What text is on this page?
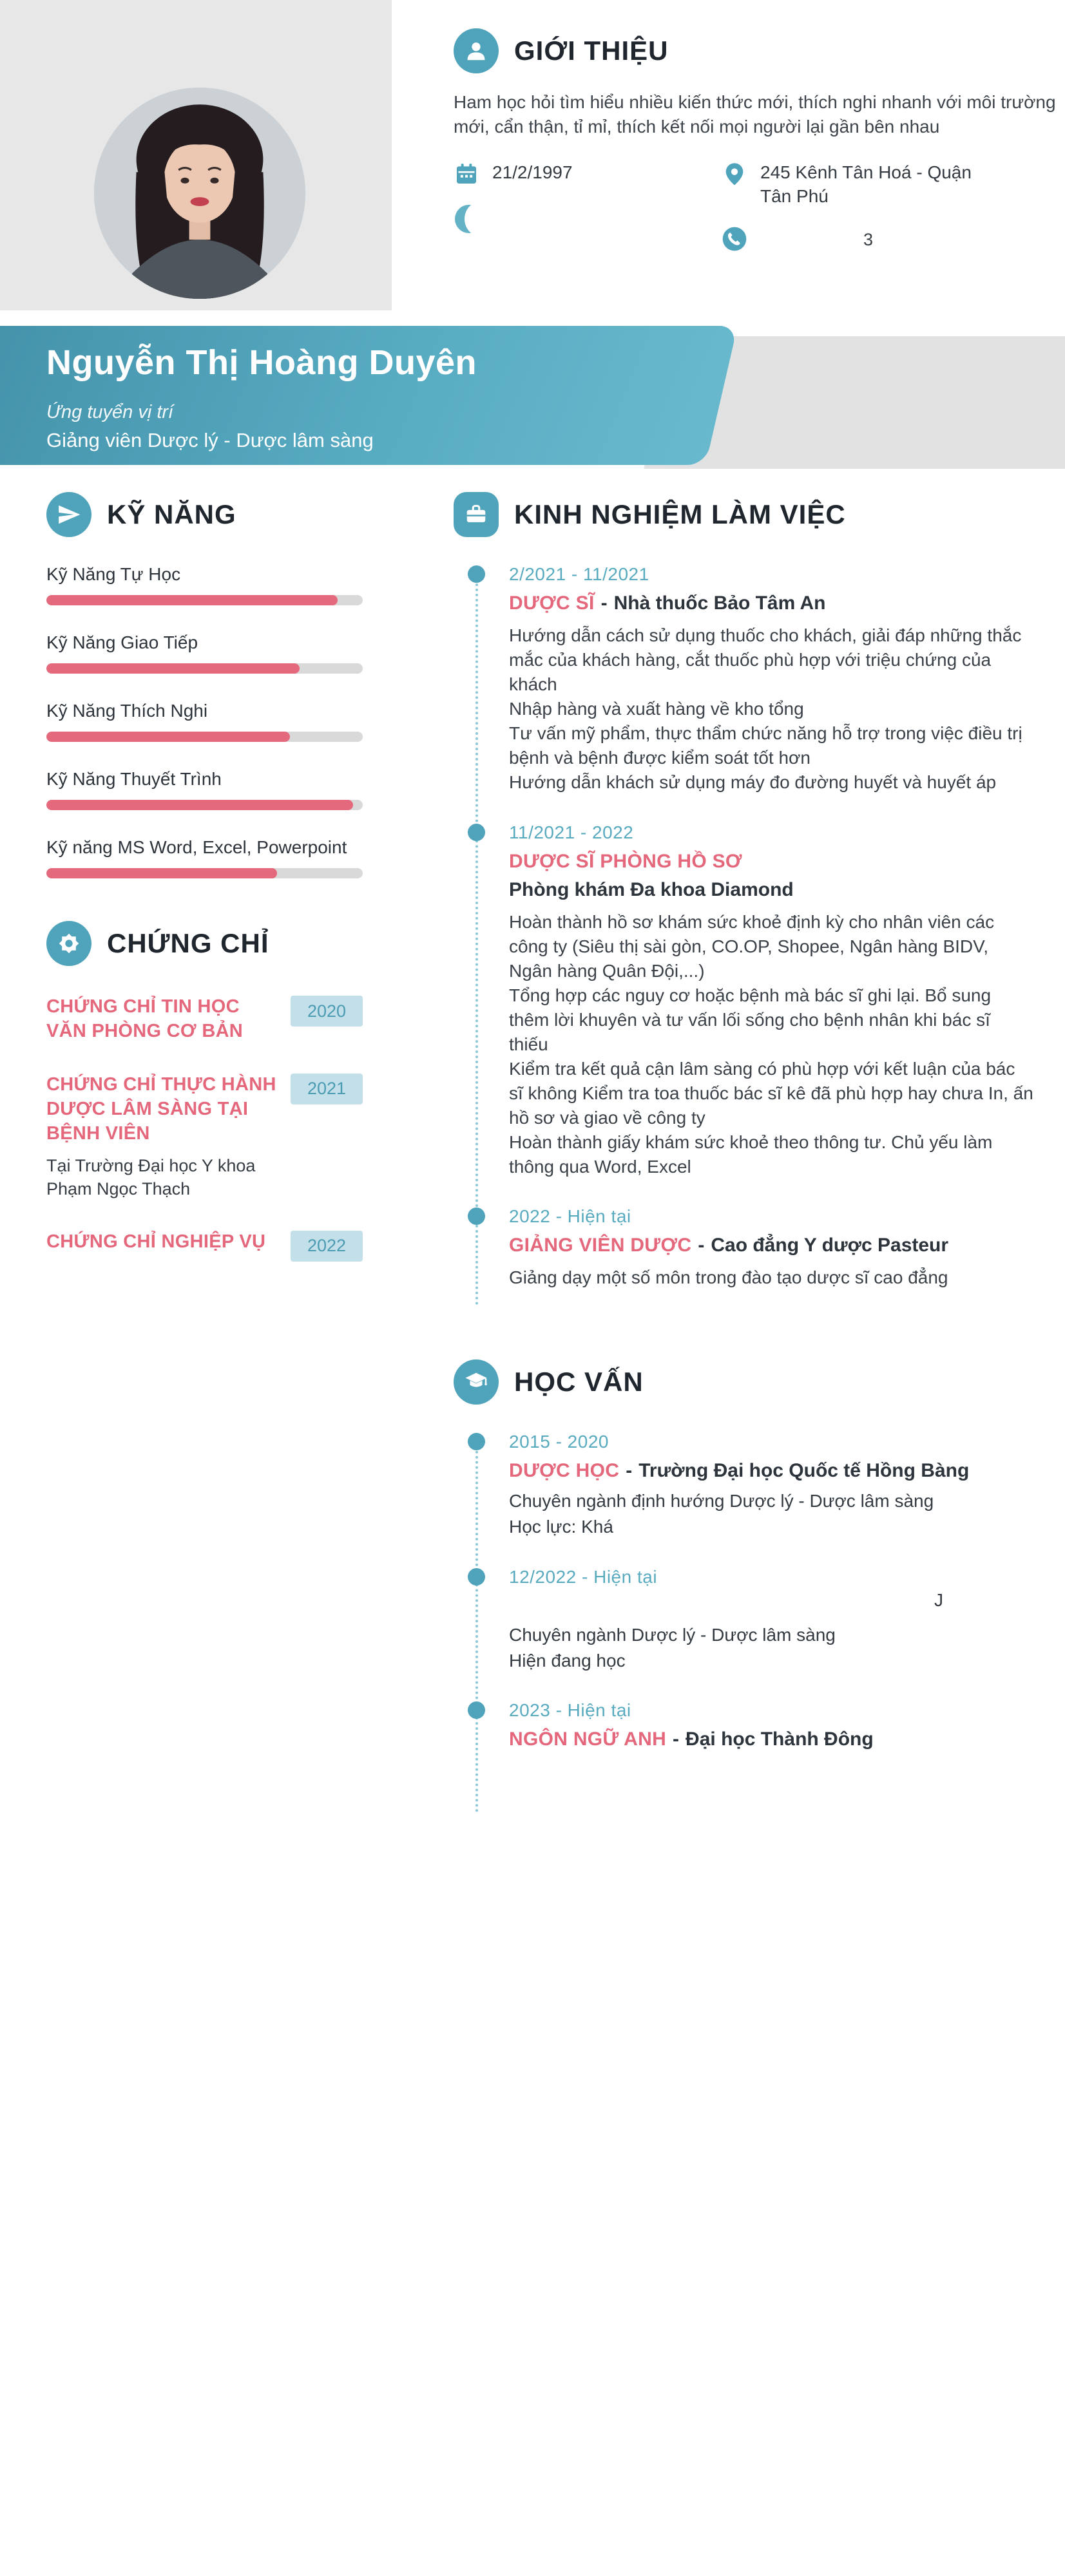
GIỚI THIỆU
Ham học hỏi tìm hiểu nhiều kiến thức mới, thích nghi nhanh với môi trường mới, cẩn thận, tỉ mỉ, thích kết nối mọi người lại gần bên nhau
21/2/1997	245 Kênh Tân Hoá - Quận Tân Phú
3
Nguyễn Thị Hoàng Duyên
Ứng tuyển vị trí
Giảng viên Dược lý - Dược lâm sàng
KỸ NĂNG
Kỹ Năng Tự Học
Kỹ Năng Giao Tiếp
Kỹ Năng Thích Nghi
Kỹ Năng Thuyết Trình
Kỹ năng MS Word, Excel, Powerpoint
CHỨNG CHỈ
CHỨNG CHỈ TIN HỌC VĂN PHÒNG CƠ BẢN
2020
CHỨNG CHỈ THỰC HÀNH DƯỢC LÂM SÀNG TẠI BỆNH VIÊN
2021
Tại Trường Đại học Y khoa Phạm Ngọc Thạch
CHỨNG CHỈ NGHIỆP VỤ	2022
KINH NGHIỆM LÀM VIỆC
2/2021 - 11/2021
DƯỢC SĨ - Nhà thuốc Bảo Tâm An
Hướng dẫn cách sử dụng thuốc cho khách, giải đáp những thắc mắc của khách hàng, cắt thuốc phù hợp với triệu chứng của khách
Nhập hàng và xuất hàng về kho tổng
Tư vấn mỹ phẩm, thực thẩm chức năng hỗ trợ trong việc điều trị bệnh và bệnh được kiểm soát tốt hơn
Hướng dẫn khách sử dụng máy đo đường huyết và huyết áp
11/2021 - 2022
DƯỢC SĨ PHÒNG HỒ SƠ
Phòng khám Đa khoa Diamond
Hoàn thành hồ sơ khám sức khoẻ định kỳ cho nhân viên các công ty (Siêu thị sài gòn, CO.OP, Shopee, Ngân hàng BIDV, Ngân hàng Quân Đội,...)
Tổng hợp các nguy cơ hoặc bệnh mà bác sĩ ghi lại. Bổ sung thêm lời khuyên và tư vấn lối sống cho bệnh nhân khi bác sĩ thiếu
Kiểm tra kết quả cận lâm sàng có phù hợp với kết luận của bác sĩ không Kiểm tra toa thuốc bác sĩ kê đã phù hợp hay chưa In, ấn hồ sơ và giao về công ty
Hoàn thành giấy khám sức khoẻ theo thông tư. Chủ yếu làm thông qua Word, Excel
2022 - Hiện tại
GIẢNG VIÊN DƯỢC - Cao đẳng Y dược Pasteur
Giảng dạy một số môn trong đào tạo dược sĩ cao đẳng
HỌC VẤN
2015 - 2020
DƯỢC HỌC - Trường Đại học Quốc tế Hồng Bàng
Chuyên ngành định hướng Dược lý - Dược lâm sàng
Học lực: Khá
12/2022 - Hiện tại
J
Chuyên ngành Dược lý - Dược lâm sàng
Hiện đang học
2023 - Hiện tại
NGÔN NGỮ ANH - Đại học Thành Đông
